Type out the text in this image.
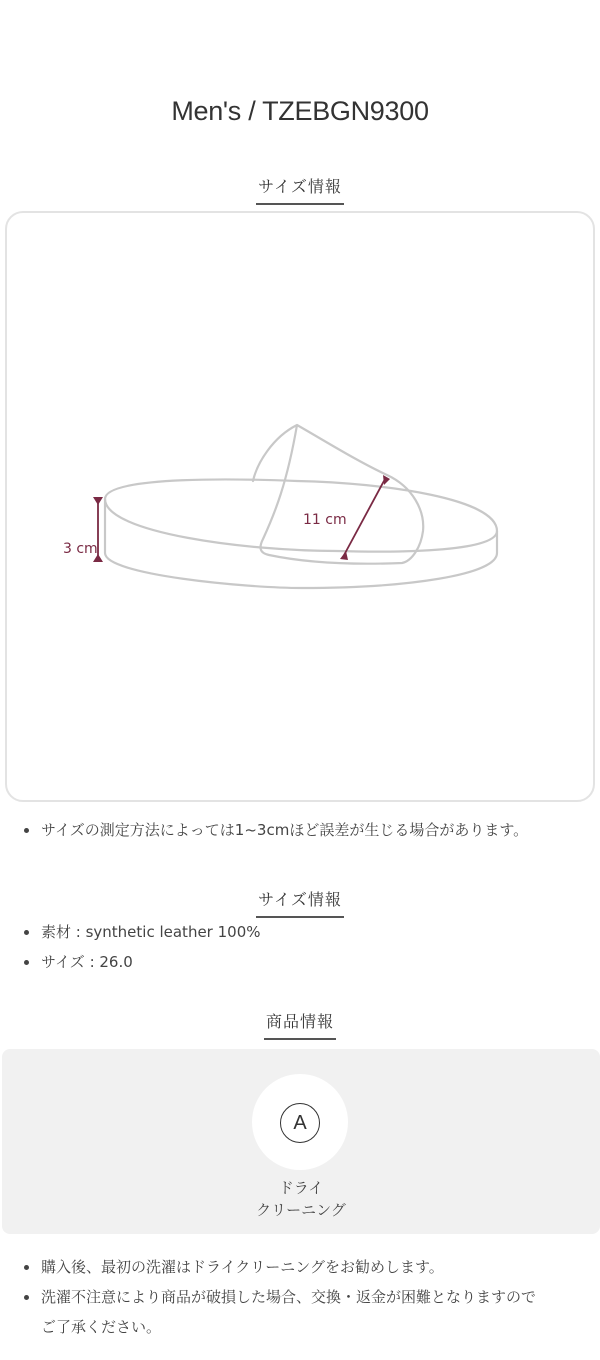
Men's / TZEBGN9300
サイズ情報
3 cm
11 cm
サイズの測定方法によっては1~3cmほど誤差が生じる場合があります。
サイズ情報
素材 : synthetic leather 100%
サイズ : 26.0
商品情報
A
ドライ
クリーニング
購入後、最初の洗濯はドライクリーニングをお勧めします。
洗濯不注意により商品が破損した場合、交換・返金が困難となりますので
ご了承ください。
